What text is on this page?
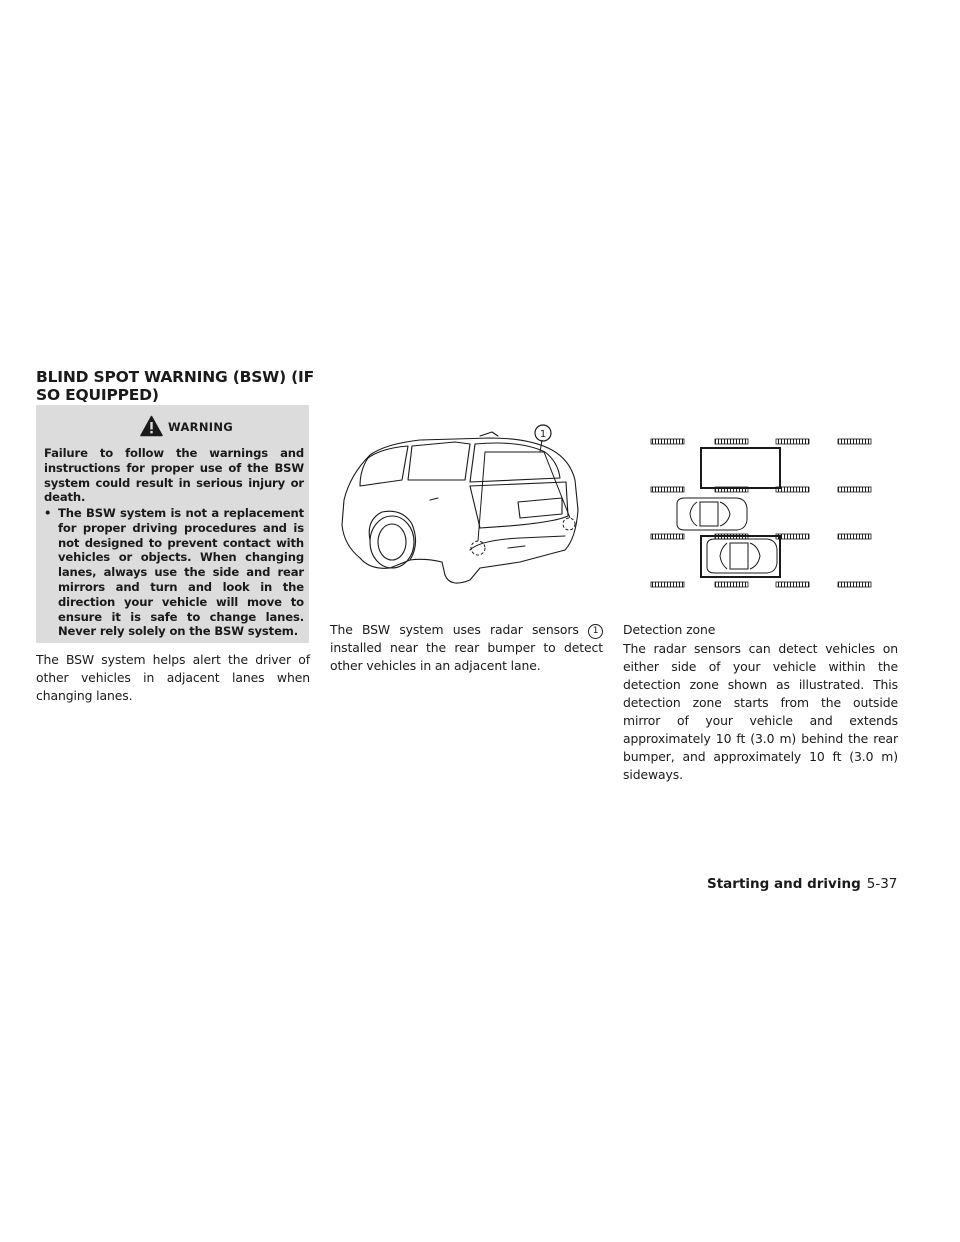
BLIND SPOT WARNING (BSW) (IF SO EQUIPPED)
WARNING
Failure to follow the warnings and instructions for proper use of the BSW system could result in serious injury or death.
• The BSW system is not a replacement for proper driving procedures and is not designed to prevent contact with vehicles or objects. When changing lanes, always use the side and rear mirrors and turn and look in the direction your vehicle will move to ensure it is safe to change lanes. Never rely solely on the BSW system.
The BSW system helps alert the driver of other vehicles in adjacent lanes when changing lanes.
1
The BSW system uses radar sensors 1 installed near the rear bumper to detect other vehicles in an adjacent lane.
Detection zone
The radar sensors can detect vehicles on either side of your vehicle within the detection zone shown as illustrated. This detection zone starts from the outside mirror of your vehicle and extends approximately 10 ft (3.0 m) behind the rear bumper, and approximately 10 ft (3.0 m) sideways.
Starting and driving 5-37
